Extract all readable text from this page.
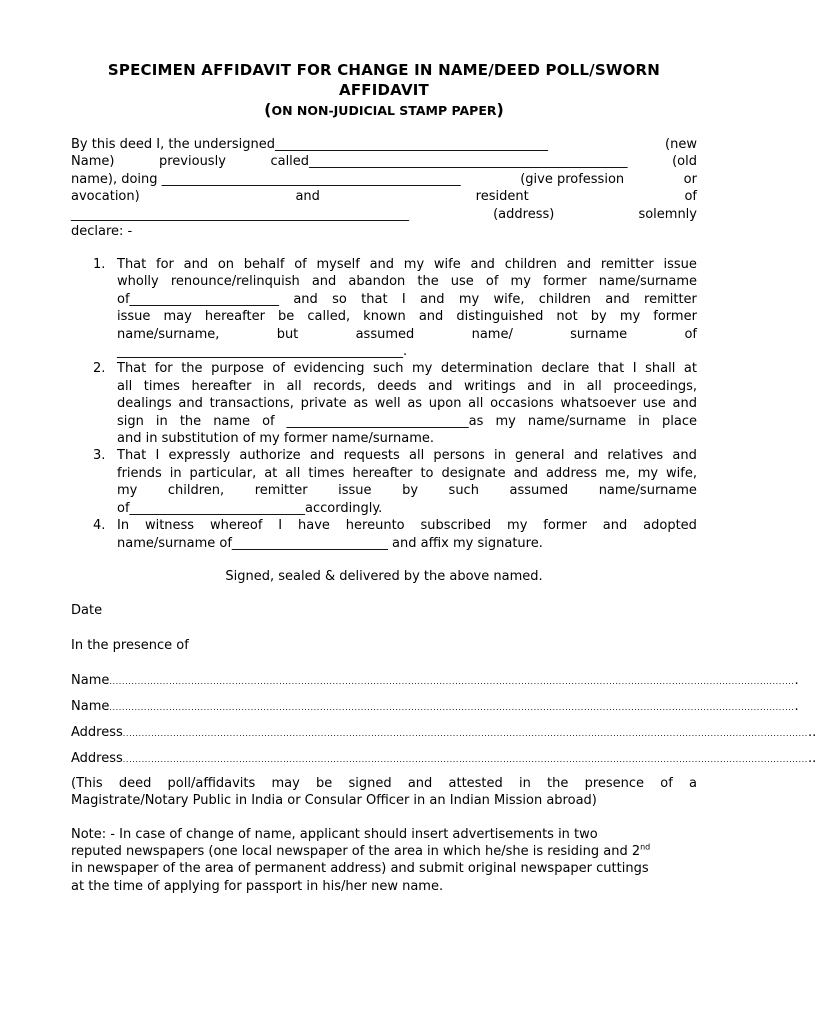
SPECIMEN AFFIDAVIT FOR CHANGE IN NAME/DEED POLL/SWORN
AFFIDAVIT
(ON NON-JUDICIAL STAMP PAPER)
By this deed I, the undersigned__________________________________________	(new
Name)	previously	called_________________________________________________	(old
name), doing ______________________________________________	(give profession	or
avocation)	and	resident	of
____________________________________________________	(address)	solemnly
declare: -
1. That for and on behalf of myself and my wife and children and remitter issue
wholly renounce/relinquish and abandon the use of my former name/surname
of_______________________ and so that I and my wife, children and remitter
issue may hereafter be called, known and distinguished not by my former
name/surname,	but	assumed	name/	surname	of
____________________________________________.
2. That for the purpose of evidencing such my determination declare that I shall at
all times hereafter in all records, deeds and writings and in all proceedings,
dealings and transactions, private as well as upon all occasions whatsoever use and
sign in the name of ____________________________as my name/surname in place
and in substitution of my former name/surname.
3. That I expressly authorize and requests all persons in general and relatives and
friends in particular, at all times hereafter to designate and address me, my wife,
my children, remitter issue by such assumed name/surname
of___________________________accordingly.
4. In witness whereof I have hereunto subscribed my former and adopted
name/surname of________________________ and affix my signature.
Signed, sealed & delivered by the above named.
Date
In the presence of
Name .......................................................................................................................................................................................................................... .
Name .......................................................................................................................................................................................................................... .
Address .......................................................................................................................................................................................................................... ..
Address .......................................................................................................................................................................................................................... ..
(This deed poll/affidavits may be signed and attested in the presence of a
Magistrate/Notary Public in India or Consular Officer in an Indian Mission abroad)
Note: - In case of change of name, applicant should insert advertisements in two
reputed newspapers (one local newspaper of the area in which he/she is residing and 2nd
in newspaper of the area of permanent address) and submit original newspaper cuttings
at the time of applying for passport in his/her new name.
